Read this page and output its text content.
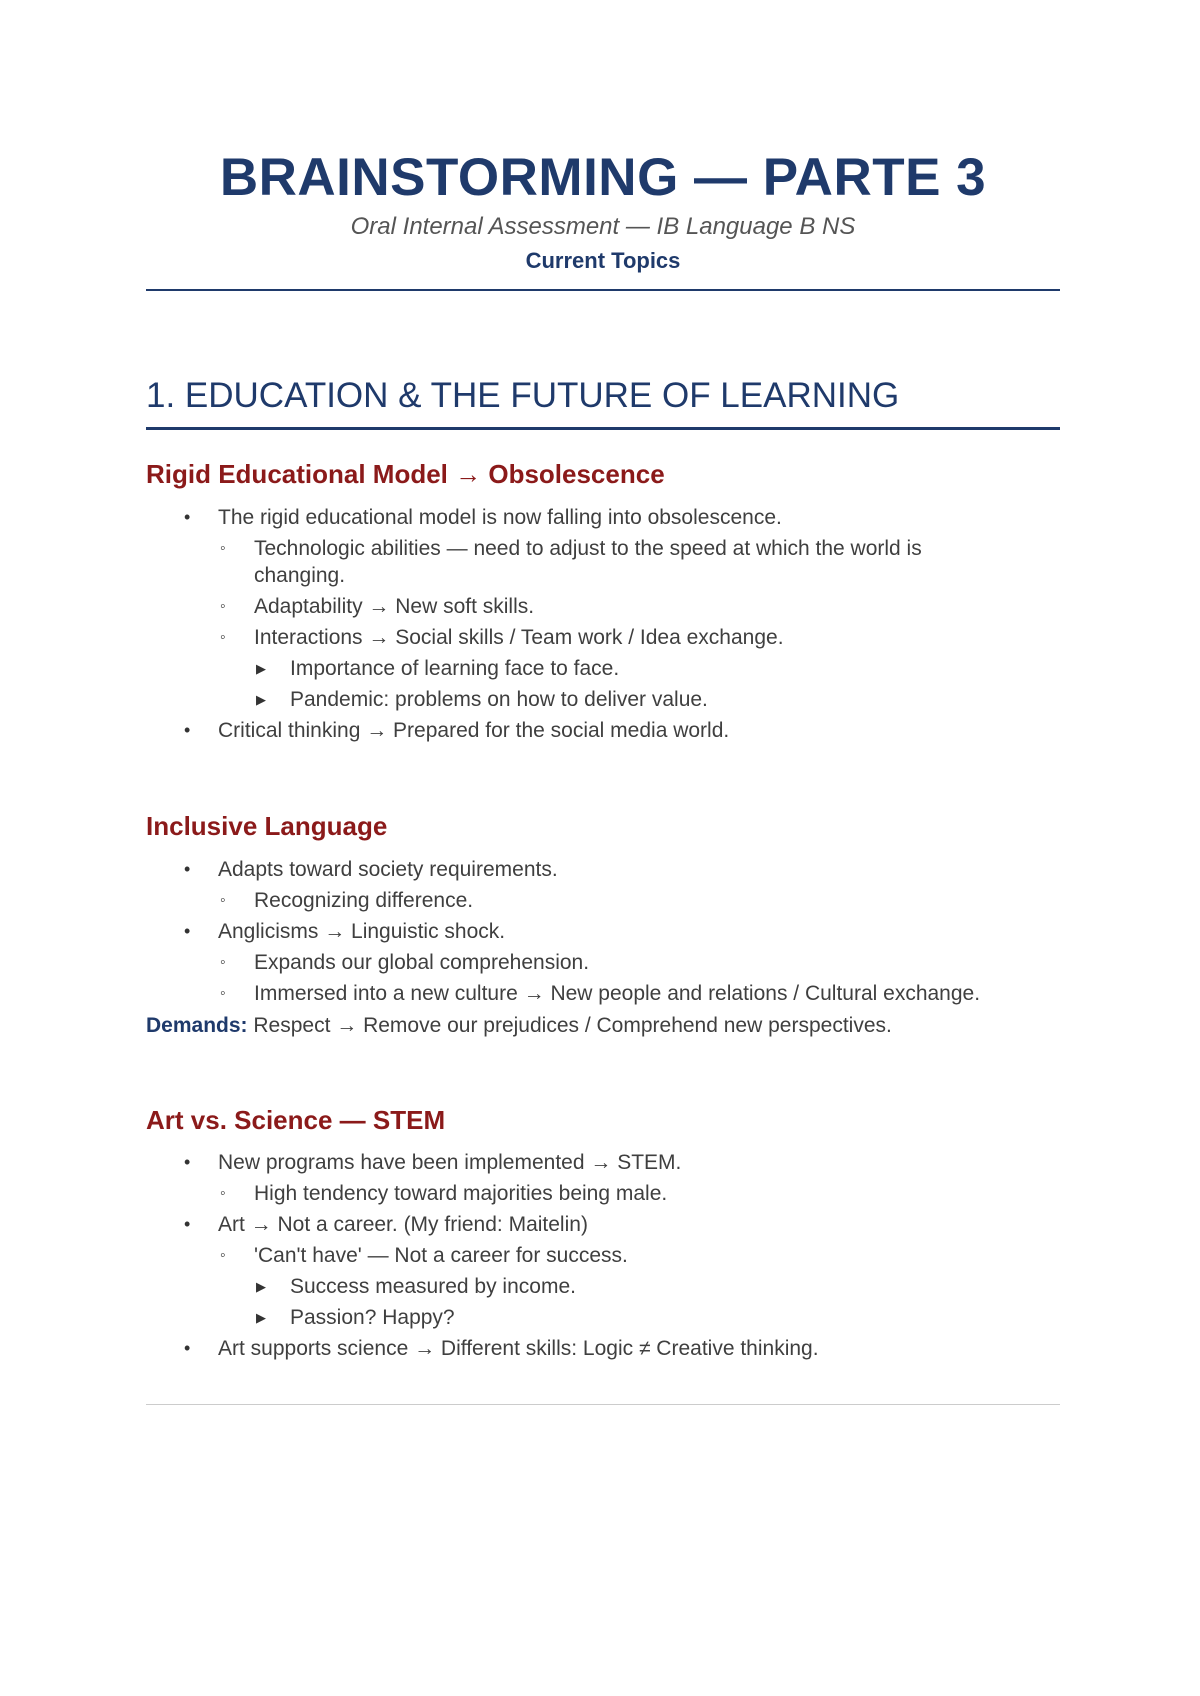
BRAINSTORMING — PARTE 3
Oral Internal Assessment — IB Language B NS
Current Topics
1. EDUCATION & THE FUTURE OF LEARNING
Rigid Educational Model → Obsolescence
• The rigid educational model is now falling into obsolescence.
◦ Technologic abilities — need to adjust to the speed at which the world is changing.
◦ Adaptability → New soft skills.
◦ Interactions → Social skills / Team work / Idea exchange.
▶ Importance of learning face to face.
▶ Pandemic: problems on how to deliver value.
• Critical thinking → Prepared for the social media world.
Inclusive Language
• Adapts toward society requirements.
◦ Recognizing difference.
• Anglicisms → Linguistic shock.
◦ Expands our global comprehension.
◦ Immersed into a new culture → New people and relations / Cultural exchange.
Demands: Respect → Remove our prejudices / Comprehend new perspectives.
Art vs. Science — STEM
• New programs have been implemented → STEM.
◦ High tendency toward majorities being male.
• Art → Not a career. (My friend: Maitelin)
◦ 'Can't have' — Not a career for success.
▶ Success measured by income.
▶ Passion? Happy?
• Art supports science → Different skills: Logic ≠ Creative thinking.
